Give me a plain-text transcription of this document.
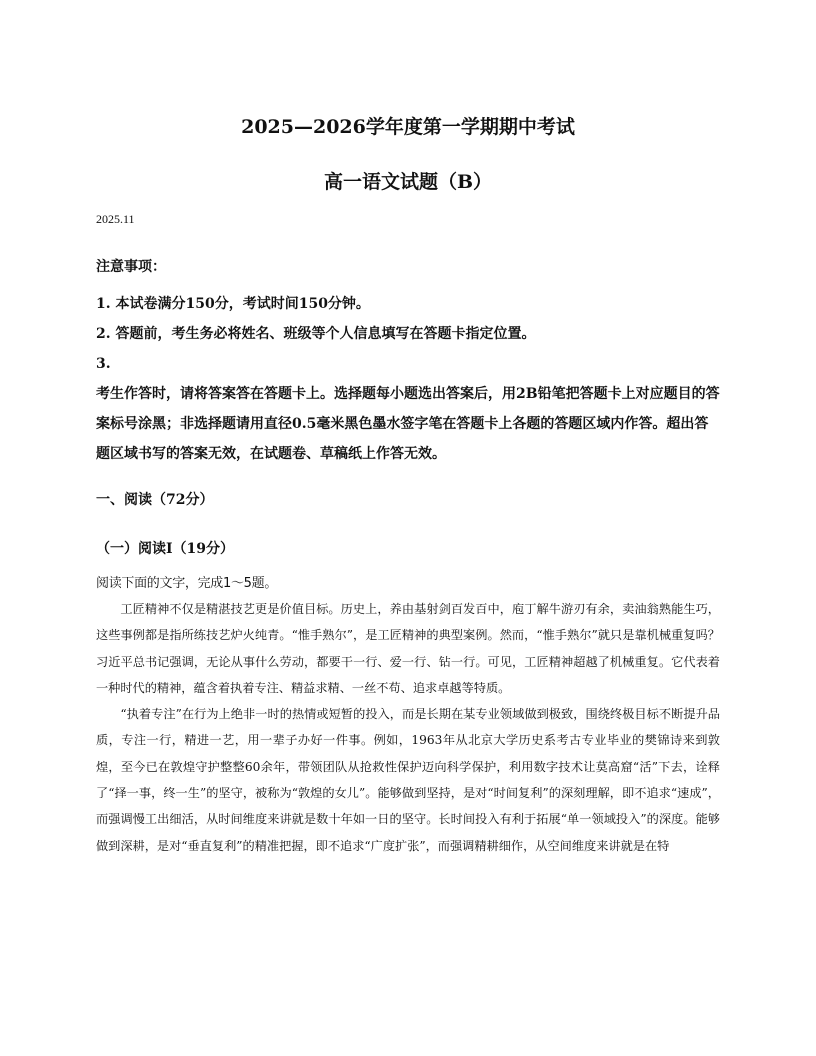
2025—2026学年度第一学期期中考试
高一语文试题（B）
2025.11
注意事项：

1. 本试卷满分150分，考试时间150分钟。

2. 答题前，考生务必将姓名、班级等个人信息填写在答题卡指定位置。

3.

考生作答时，请将答案答在答题卡上。选择题每小题选出答案后，用2B铅笔把答题卡上对应题目的答案标号涂黑；非选择题请用直径0.5毫米黑色墨水签字笔在答题卡上各题的答题区域内作答。超出答题区域书写的答案无效，在试题卷、草稿纸上作答无效。

一、阅读（72分）
（一）阅读I（19分）
阅读下面的文字，完成1～5题。

工匠精神不仅是精湛技艺更是价值目标。历史上，养由基射剑百发百中，庖丁解牛游刃有余，卖油翁熟能生巧，这些事例都是指所练技艺炉火纯青。“惟手熟尔”，是工匠精神的典型案例。然而，“惟手熟尔”就只是靠机械重复吗？习近平总书记强调，无论从事什么劳动，都要干一行、爱一行、钻一行。可见，工匠精神超越了机械重复。它代表着一种时代的精神，蕴含着执着专注、精益求精、一丝不苟、追求卓越等特质。

“执着专注”在行为上绝非一时的热情或短暂的投入，而是长期在某专业领域做到极致，围绕终极目标不断提升品质，专注一行，精进一艺，用一辈子办好一件事。例如，1963年从北京大学历史系考古专业毕业的樊锦诗来到敦煌，至今已在敦煌守护整整60余年，带领团队从抢救性保护迈向科学保护，利用数字技术让莫高窟“活”下去，诠释了“择一事，终一生”的坚守，被称为“敦煌的女儿”。能够做到坚持，是对“时间复利”的深刻理解，即不追求“速成”，而强调慢工出细活，从时间维度来讲就是数十年如一日的坚守。长时间投入有利于拓展“单一领域投入”的深度。能够做到深耕，是对“垂直复利”的精准把握，即不追求“广度扩张”，而强调精耕细作，从空间维度来讲就是在特
